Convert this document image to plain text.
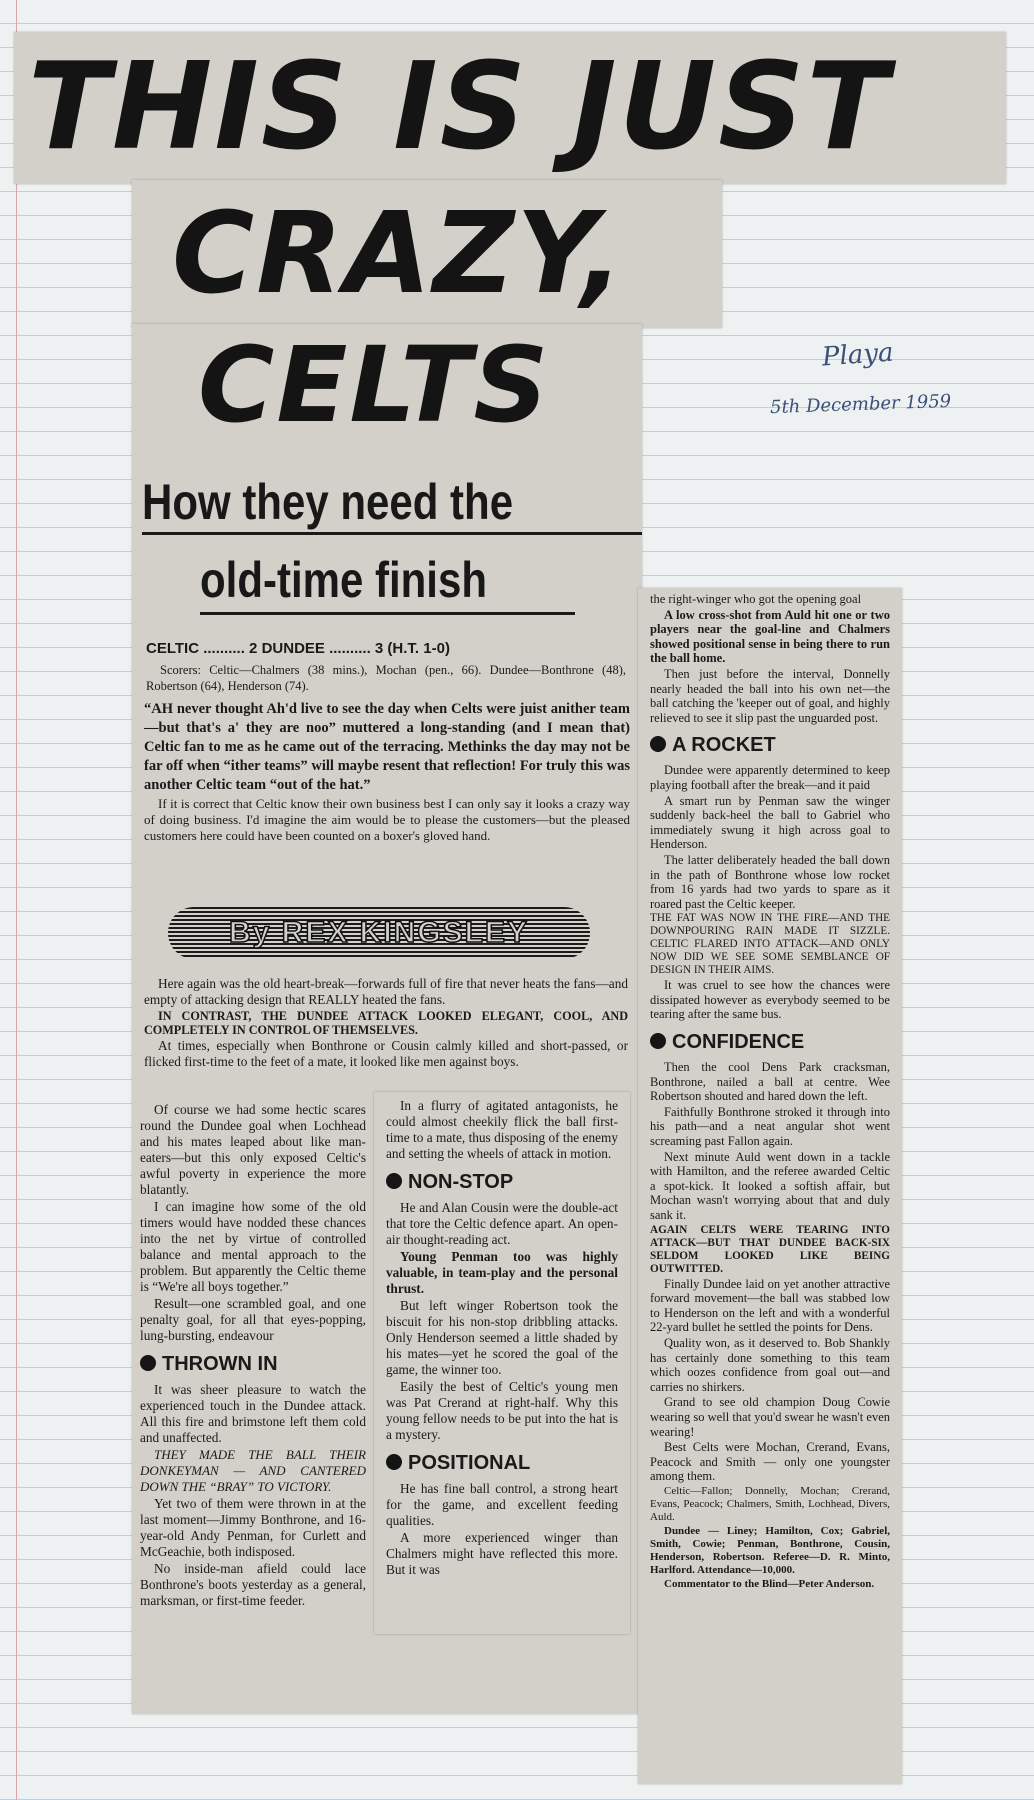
THIS IS JUST
CRAZY,
CELTS
How they need the
old-time finish
Playa
5th December 1959
CELTIC .......... 2 DUNDEE .......... 3 (H.T. 1-0)

Scorers: Celtic—Chalmers (38 mins.), Mochan (pen., 66). Dundee—Bonthrone (48), Robertson (64), Henderson (74).

“AH never thought Ah'd live to see the day when Celts were juist anither team—but that's a' they are noo” muttered a long-standing (and I mean that) Celtic fan to me as he came out of the terracing. Methinks the day may not be far off when “ither teams” will maybe resent that reflection! For truly this was another Celtic team “out of the hat.”

If it is correct that Celtic know their own business best I can only say it looks a crazy way of doing business. I'd imagine the aim would be to please the customers—but the pleased customers here could have been counted on a boxer's gloved hand.

By REX KINGSLEY

Here again was the old heart-break—forwards full of fire that never heats the fans—and empty of attacking design that REALLY heated the fans.

IN CONTRAST, THE DUNDEE ATTACK LOOKED ELEGANT, COOL, AND COMPLETELY IN CONTROL OF THEMSELVES.

At times, especially when Bonthrone or Cousin calmly killed and short-passed, or flicked first-time to the feet of a mate, it looked like men against boys.

Of course we had some hectic scares round the Dundee goal when Lochhead and his mates leaped about like man-eaters—but this only exposed Celtic's awful poverty in experience the more blatantly.

I can imagine how some of the old timers would have nodded these chances into the net by virtue of controlled balance and mental approach to the problem. But apparently the Celtic theme is “We're all boys together.”

Result—one scrambled goal, and one penalty goal, for all that eyes-popping, lung-bursting, endeavour

THROWN IN

It was sheer pleasure to watch the experienced touch in the Dundee attack. All this fire and brimstone left them cold and unaffected.

THEY MADE THE BALL THEIR DONKEYMAN — AND CANTERED DOWN THE “BRAY” TO VICTORY.

Yet two of them were thrown in at the last moment—Jimmy Bonthrone, and 16-year-old Andy Penman, for Curlett and McGeachie, both indisposed.

No inside-man afield could lace Bonthrone's boots yesterday as a general, marksman, or first-time feeder.

In a flurry of agitated antagonists, he could almost cheekily flick the ball first-time to a mate, thus disposing of the enemy and setting the wheels of attack in motion.

NON-STOP

He and Alan Cousin were the double-act that tore the Celtic defence apart. An open-air thought-reading act.

Young Penman too was highly valuable, in team-play and the personal thrust.

But left winger Robertson took the biscuit for his non-stop dribbling attacks. Only Henderson seemed a little shaded by his mates—yet he scored the goal of the game, the winner too.

Easily the best of Celtic's young men was Pat Crerand at right-half. Why this young fellow needs to be put into the hat is a mystery.

POSITIONAL

He has fine ball control, a strong heart for the game, and excellent feeding qualities.

A more experienced winger than Chalmers might have reflected this more. But it was

the right-winger who got the opening goal

A low cross-shot from Auld hit one or two players near the goal-line and Chalmers showed positional sense in being there to run the ball home.

Then just before the interval, Donnelly nearly headed the ball into his own net—the ball catching the 'keeper out of goal, and highly relieved to see it slip past the unguarded post.

A ROCKET

Dundee were apparently determined to keep playing football after the break—and it paid

A smart run by Penman saw the winger suddenly back-heel the ball to Gabriel who immediately swung it high across goal to Henderson.

The latter deliberately headed the ball down in the path of Bonthrone whose low rocket from 16 yards had two yards to spare as it roared past the Celtic keeper.

THE FAT WAS NOW IN THE FIRE—AND THE DOWNPOURING RAIN MADE IT SIZZLE. CELTIC FLARED INTO ATTACK—AND ONLY NOW DID WE SEE SOME SEMBLANCE OF DESIGN IN THEIR AIMS.

It was cruel to see how the chances were dissipated however as everybody seemed to be tearing after the same bus.

CONFIDENCE

Then the cool Dens Park cracksman, Bonthrone, nailed a ball at centre. Wee Robertson shouted and hared down the left.

Faithfully Bonthrone stroked it through into his path—and a neat angular shot went screaming past Fallon again.

Next minute Auld went down in a tackle with Hamilton, and the referee awarded Celtic a spot-kick. It looked a softish affair, but Mochan wasn't worrying about that and duly sank it.

AGAIN CELTS WERE TEARING INTO ATTACK—BUT THAT DUNDEE BACK-SIX SELDOM LOOKED LIKE BEING OUTWITTED.

Finally Dundee laid on yet another attractive forward movement—the ball was stabbed low to Henderson on the left and with a wonderful 22-yard bullet he settled the points for Dens.

Quality won, as it deserved to. Bob Shankly has certainly done something to this team which oozes confidence from goal out—and carries no shirkers.

Grand to see old champion Doug Cowie wearing so well that you'd swear he wasn't even wearing!

Best Celts were Mochan, Crerand, Evans, Peacock and Smith — only one youngster among them.

Celtic—Fallon; Donnelly, Mochan; Crerand, Evans, Peacock; Chalmers, Smith, Lochhead, Divers, Auld.

Dundee — Liney; Hamilton, Cox; Gabriel, Smith, Cowie; Penman, Bonthrone, Cousin, Henderson, Robertson. Referee—D. R. Minto, Harlford. Attendance—10,000.

Commentator to the Blind—Peter Anderson.
